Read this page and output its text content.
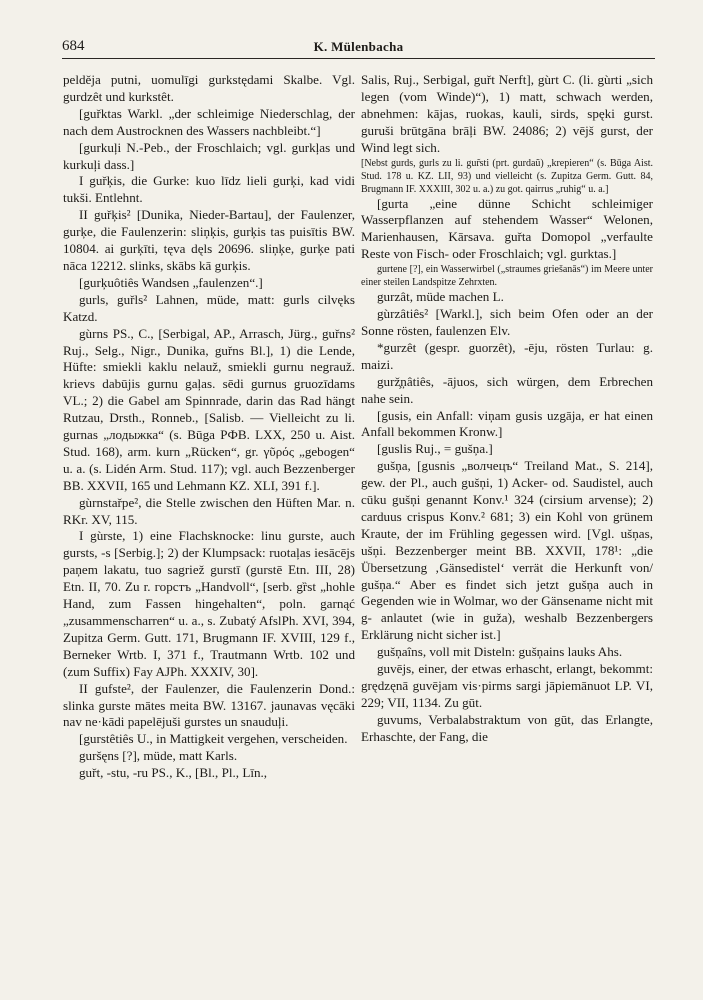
684	K. Mülenbacha

pelděja putni, uomulīgi gurkstędami Skalbe. Vgl. gurdzêt und kurkstêt.

[guřktas Warkl. „der schleimige Niederschlag, der nach dem Austrocknen des Wassers nachbleibt.“]

[gurkuļi N.-Peb., der Froschlaich; vgl. gurkļas und kurkuļi dass.]

I guřķis, die Gurke: kuo līdz lieli gurķi, kad vidi tukši. Entlehnt.

II guřķis² [Dunika, Nieder-Bartau], der Faulenzer, gurķe, die Faulenzerin: sliņķis, gurķis tas puisītis BW. 10804. ai gurķīti, tęva dęls 20696. sliņķe, gurķe pati nāca 12212. slinks, skābs kā gurķis.

[gurķuôtiês Wandsen „faulenzen“.]

gurls, guřls² Lahnen, müde, matt: gurls cilvęks Katzd.

gùrns PS., C., [Serbigal, AP., Arrasch, Jürg., guřns² Ruj., Selg., Nigr., Dunika, guřns Bl.], 1) die Lende, Hüfte: smiekli kaklu nelauž, smiekli gurnu negrauž. krievs dabūjis gurnu gaļas. sēdi gurnus gruozīdams VL.; 2) die Gabel am Spinnrade, darin das Rad hängt Rutzau, Drsth., Ronneb., [Salisb. — Vielleicht zu li. gurnas „лодыжка“ (s. Būga PФB. LXX, 250 u. Aist. Stud. 168), arm. kurn „Rücken“, gr. γῦρός „gebogen“ u. a. (s. Lidén Arm. Stud. 117); vgl. auch Bezzenberger BB. XXVII, 165 und Lehmann KZ. XLI, 391 f.].

gùrnstařpe², die Stelle zwischen den Hüften Mar. n. RKr. XV, 115.

I gùrste, 1) eine Flachsknocke: linu gurste, auch gursts, -s [Serbig.]; 2) der Klumpsack: ruotaļas iesācējs paņem lakatu, tuo sagriež gurstī (gurstē Etn. III, 28) Etn. II, 70. Zu r. горстъ „Handvoll“, [serb. gȑst „hohle Hand, zum Fassen hingehalten“, poln. garnąć „zusammenscharren“ u. a., s. Zubatý AfslPh. XVI, 394, Zupitza Germ. Gutt. 171, Brugmann IF. XVIII, 129 f., Berneker Wrtb. I, 371 f., Trautmann Wrtb. 102 und (zum Suffix) Fay AJPh. XXXIV, 30].

II gufste², der Faulenzer, die Faulenzerin Dond.: slinka gurste mātes meita BW. 13167. jaunavas vęcāki nav ne·kādi papelējuši gurstes un snauduļi.

[gurstêtiês U., in Mattigkeit vergehen, verscheiden.

guršęns [?], müde, matt Karls.

guřt, -stu, -ru PS., K., [Bl., Pl., Līn.,

Salis, Ruj., Serbigal, guřt Nerft], gùrt C. (li. gùrti „sich legen (vom Winde)“), 1) matt, schwach werden, abnehmen: kājas, ruokas, kauli, sirds, spęki gurst. guruši brūtgāna brāļi BW. 24086; 2) vējš gurst, der Wind legt sich.

[Nebst gurds, gurls zu li. gur̃sti (prt. gurdaũ) „krepieren“ (s. Būga Aist. Stud. 178 u. KZ. LII, 93) und vielleicht (s. Zupitza Germ. Gutt. 84, Brugmann IF. XXXIII, 302 u. a.) zu got. qairrus „ruhig“ u. a.]

[gurta „eine dünne Schicht schleimiger Wasserpflanzen auf stehendem Wasser“ Welonen, Marienhausen, Kārsava. guřta Domopol „verfaulte Reste von Fisch- oder Froschlaich; vgl. gurktas.]

gurtene [?], ein Wasserwirbel („straumes griešanās“) im Meere unter einer steilen Landspitze Zehrxten.

gurzât, müde machen L.

gùrzâtiês² [Warkl.], sich beim Ofen oder an der Sonne rösten, faulenzen Elv.

*gurzêt (gespr. guorzêt), -ēju, rösten Turlau: g. maizi.

gurž̧ņâtiês, -ājuos, sich würgen, dem Erbrechen nahe sein.

[gusis, ein Anfall: viņam gusis uzgāja, er hat einen Anfall bekommen Kronw.]

[guslis Ruj., = gušņa.]

gušņa, [gusnis „волчецъ“ Treiland Mat., S. 214], gew. der Pl., auch gušņi, 1) Acker- od. Saudistel, auch cūku gušņi genannt Konv.¹ 324 (cirsium arvense); 2) carduus crispus Konv.² 681; 3) ein Kohl von grünem Kraute, der im Frühling gegessen wird. [Vgl. ušņas, ušņi. Bezzenberger meint BB. XXVII, 178¹: „die Übersetzung ‚Gänsedistel‘ verrät die Herkunft von/ gušņa.“ Aber es findet sich jetzt gušņa auch in Gegenden wie in Wolmar, wo der Gänsename nicht mit g- anlautet (wie in guža), weshalb Bezzenbergers Erklärung nicht sicher ist.]

gušņaîns, voll mit Disteln: gušņains lauks Ahs.

guvējs, einer, der etwas erhascht, erlangt, bekommt: grędzęnā guvējam vis·pirms sargi jāpiemānuot LP. VI, 229; VII, 1134. Zu gūt.

guvums, Verbalabstraktum von gūt, das Erlangte, Erhaschte, der Fang, die
